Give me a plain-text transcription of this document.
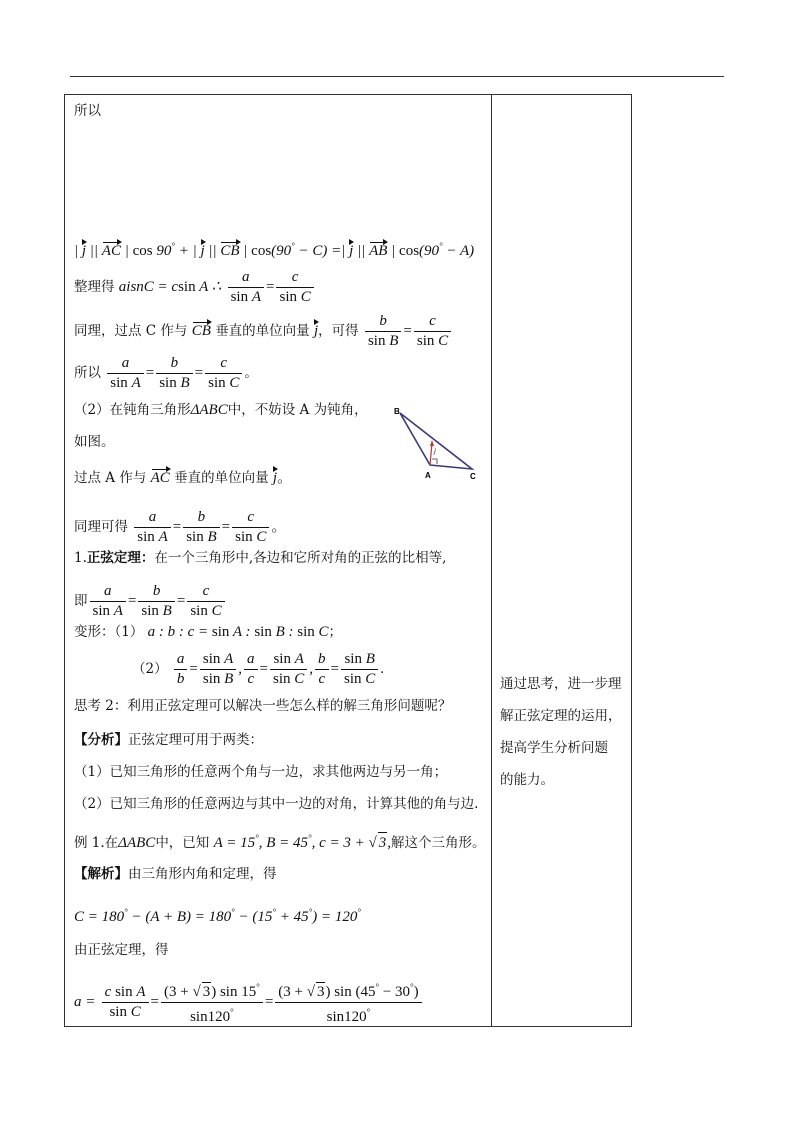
所以
| j || AC | cos 90° + | j || CB | cos(90° − C) =| j || AB | cos(90° − A)
整理得 aisnC = csin A ∴ $\frac{a}{\text{sin A}} = \frac{c}{\text{sin C}}$
同理，过点 C 作与 CB 垂直的单位向量 j，可得 $\frac{b}{\text{sin B}} = \frac{c}{\text{sin C}}$
所以 $\frac{a}{\text{sin A}} = \frac{b}{\text{sin B}} = \frac{c}{\text{sin C}}$ 。
（2）在钝角三角形ΔABC中，不妨设 A 为钝角，
如图。
过点 A 作与 AC 垂直的单位向量 j。
同理可得 $\frac{a}{\text{sin A}} = \frac{b}{\text{sin B}} = \frac{c}{\text{sin C}}$ 。
1.正弦定理：在一个三角形中,各边和它所对角的正弦的比相等,
即 $\frac{a}{\text{sin A}} = \frac{b}{\text{sin B}} = \frac{c}{\text{sin C}}$
变形：（1） a : b : c = sin A : sin B : sin C；
$(2) \frac{a}{b} = \frac{\text{sin A}}{\text{sin B}}$ , $\frac{a}{c} = \frac{\text{sin A}}{\text{sin C}}$ , $\frac{b}{c} = \frac{\text{sin B}}{\text{sin C}}$ .
思考 2：利用正弦定理可以解决一些怎么样的解三角形问题呢？
【分析】正弦定理可用于两类：
（1）已知三角形的任意两个角与一边，求其他两边与另一角；
（2）已知三角形的任意两边与其中一边的对角，计算其他的角与边.
例 1.在ΔABC中，已知 A = 15°, B = 45°, c = 3 + √ 3,解这个三角形。
【解析】由三角形内角和定理，得
C = 180° − (A + B) = 180° − (15° + 45°) = 120°
由正弦定理，得
$a = \frac{\text{c sin A}}{\text{sin C}} = \frac{(3 + √ 3) \sin 15^\circ}{\sin 120^\circ} = \frac{(3 + √ 3) \sin (45^\circ - 30^\circ)}{\sin 120^\circ}$
B
A	C
j
通过思考，进一步理
解正弦定理的运用，
提高学生分析问题
的能力。
